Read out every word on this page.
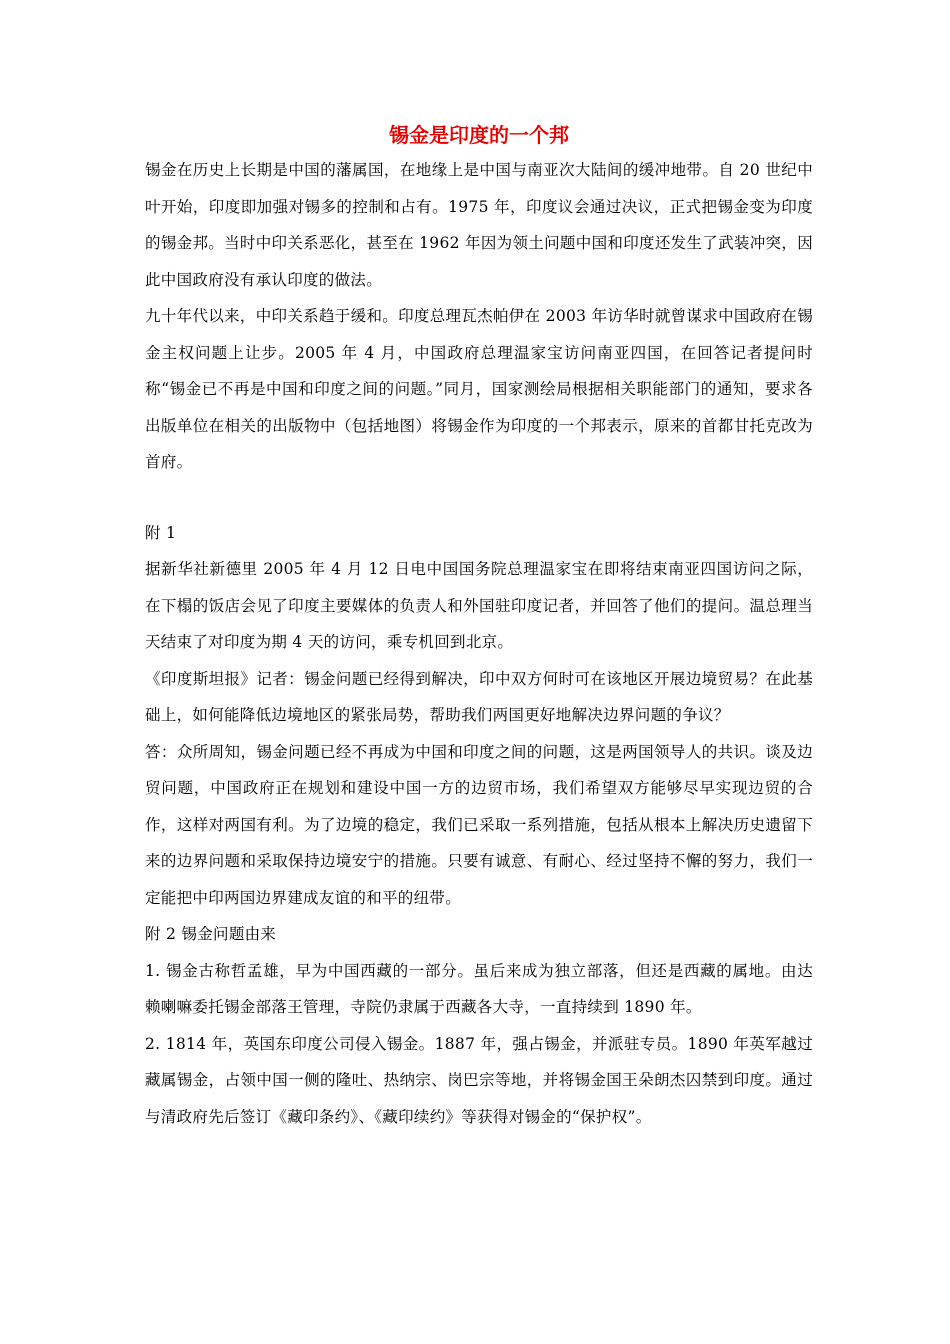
锡金是印度的一个邦

锡金在历史上长期是中国的藩属国，在地缘上是中国与南亚次大陆间的缓冲地带。自 20 世纪中叶开始，印度即加强对锡多的控制和占有。1975 年，印度议会通过决议，正式把锡金变为印度的锡金邦。当时中印关系恶化，甚至在 1962 年因为领土问题中国和印度还发生了武装冲突，因此中国政府没有承认印度的做法。

九十年代以来，中印关系趋于缓和。印度总理瓦杰帕伊在 2003 年访华时就曾谋求中国政府在锡金主权问题上让步。2005 年 4 月，中国政府总理温家宝访问南亚四国，在回答记者提问时称“锡金已不再是中国和印度之间的问题。”同月，国家测绘局根据相关职能部门的通知，要求各出版单位在相关的出版物中（包括地图）将锡金作为印度的一个邦表示，原来的首都甘托克改为首府。

附 1

据新华社新德里 2005 年 4 月 12 日电中国国务院总理温家宝在即将结束南亚四国访问之际，在下榻的饭店会见了印度主要媒体的负责人和外国驻印度记者，并回答了他们的提问。温总理当天结束了对印度为期 4 天的访问，乘专机回到北京。

《印度斯坦报》记者：锡金问题已经得到解决，印中双方何时可在该地区开展边境贸易？在此基础上，如何能降低边境地区的紧张局势，帮助我们两国更好地解决边界问题的争议？

答：众所周知，锡金问题已经不再成为中国和印度之间的问题，这是两国领导人的共识。谈及边贸问题，中国政府正在规划和建设中国一方的边贸市场，我们希望双方能够尽早实现边贸的合作，这样对两国有利。为了边境的稳定，我们已采取一系列措施，包括从根本上解决历史遗留下来的边界问题和采取保持边境安宁的措施。只要有诚意、有耐心、经过坚持不懈的努力，我们一定能把中印两国边界建成友谊的和平的纽带。

附 2 锡金问题由来

1. 锡金古称哲孟雄，早为中国西藏的一部分。虽后来成为独立部落，但还是西藏的属地。由达赖喇嘛委托锡金部落王管理，寺院仍隶属于西藏各大寺，一直持续到 1890 年。

2. 1814 年，英国东印度公司侵入锡金。1887 年，强占锡金，并派驻专员。1890 年英军越过藏属锡金，占领中国一侧的隆吐、热纳宗、岗巴宗等地，并将锡金国王朵朗杰囚禁到印度。通过与清政府先后签订《藏印条约》、《藏印续约》等获得对锡金的“保护权”。
